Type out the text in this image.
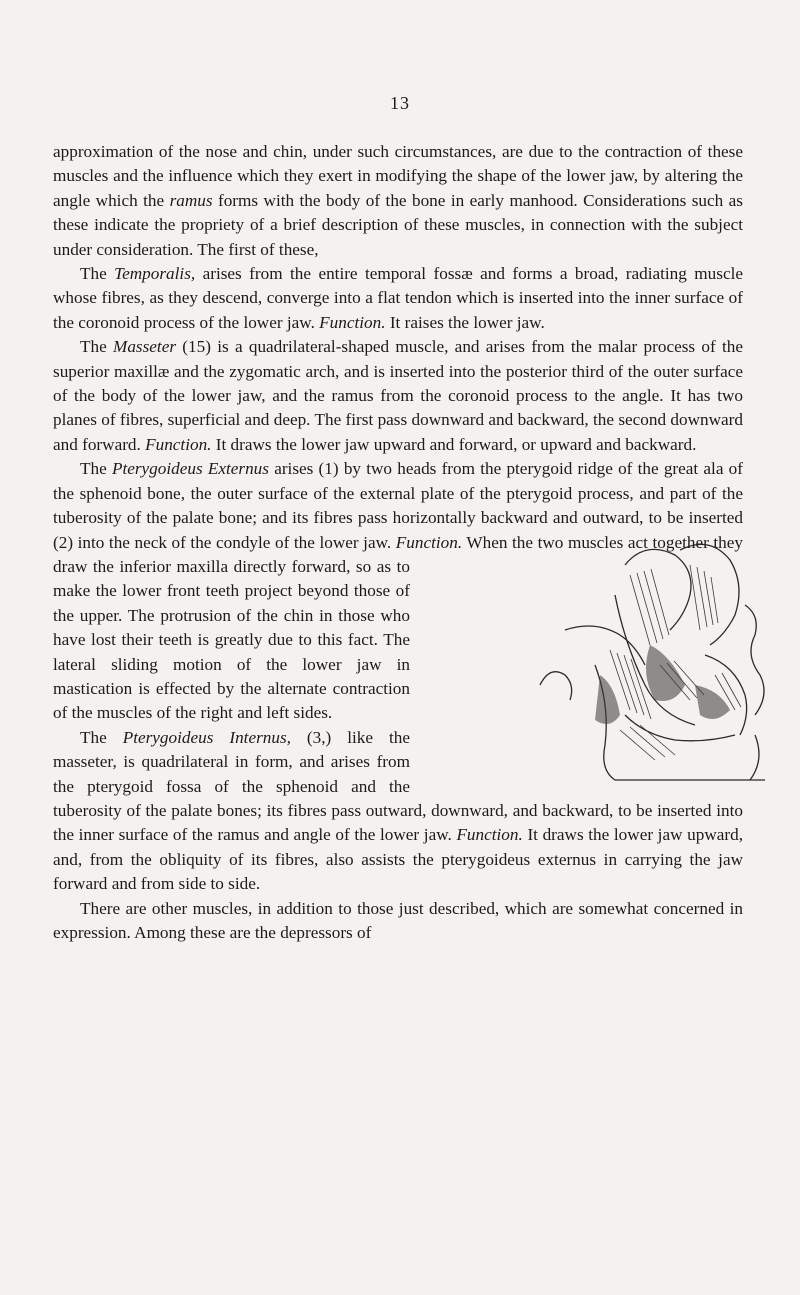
13

approximation of the nose and chin, under such circumstances, are due to the contraction of these muscles and the influence which they exert in modifying the shape of the lower jaw, by altering the angle which the ramus forms with the body of the bone in early manhood. Considerations such as these indicate the propriety of a brief description of these muscles, in connection with the subject under consideration. The first of these,

The Temporalis, arises from the entire temporal fossæ and forms a broad, radiating muscle whose fibres, as they descend, converge into a flat tendon which is inserted into the inner surface of the coronoid process of the lower jaw. Function. It raises the lower jaw.

The Masseter (15) is a quadrilateral-shaped muscle, and arises from the malar process of the superior maxillæ and the zygomatic arch, and is inserted into the posterior third of the outer surface of the body of the lower jaw, and the ramus from the coronoid process to the angle. It has two planes of fibres, superficial and deep. The first pass downward and backward, the second downward and forward. Function. It draws the lower jaw upward and forward, or upward and backward.

The Pterygoideus Externus arises (1) by two heads from the pterygoid ridge of the great ala of the sphenoid bone, the outer surface of the external plate of the pterygoid process, and part of the tuberosity of the palate bone; and its fibres pass horizontally backward and outward, to be inserted (2) into the neck of the condyle of the lower jaw.
Function. When the two muscles act together they draw the inferior maxilla directly forward, so as to make the lower front teeth project beyond those of the upper. The protrusion of the chin in those who have lost their teeth is greatly due to this fact. The lateral sliding motion of the lower jaw in mastication is effected by the alternate contraction of the muscles of the right and left sides.

The Pterygoideus Internus, (3,) like the masseter, is quadrilateral in form, and arises from the pterygoid fossa of the sphenoid and the tuberosity of the palate bones; its fibres pass outward, downward, and backward, to be inserted into the inner surface of the ramus and angle of the lower jaw. Function. It draws the lower jaw upward, and, from the obliquity of its fibres, also assists the pterygoideus externus in carrying the jaw forward and from side to side.

There are other muscles, in addition to those just described, which are somewhat concerned in expression. Among these are the depressors of
